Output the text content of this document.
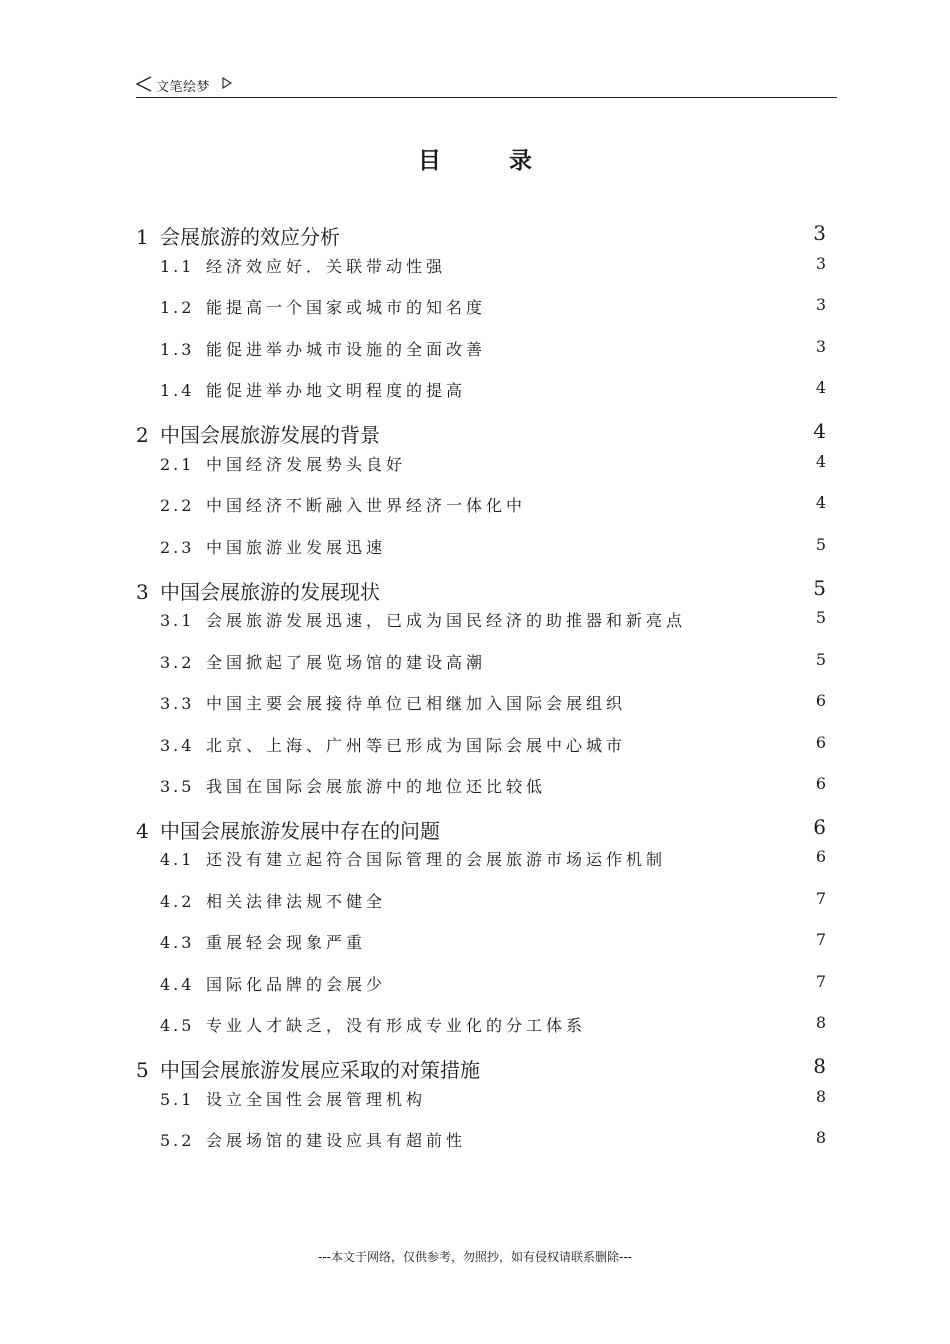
文笔绘梦
目	录
1 会展旅游的效应分析	3
1.1 经济效应好．关联带动性强	3
1.2 能提高一个国家或城市的知名度	3
1.3 能促进举办城市设施的全面改善	3
1.4 能促进举办地文明程度的提高	4
2 中国会展旅游发展的背景	4
2.1 中国经济发展势头良好	4
2.2 中国经济不断融入世界经济一体化中	4
2.3 中国旅游业发展迅速	5
3 中国会展旅游的发展现状	5
3.1 会展旅游发展迅速，已成为国民经济的助推器和新亮点	5
3.2 全国掀起了展览场馆的建设高潮	5
3.3 中国主要会展接待单位已相继加入国际会展组织	6
3.4 北京、上海、广州等已形成为国际会展中心城市	6
3.5 我国在国际会展旅游中的地位还比较低	6
4 中国会展旅游发展中存在的问题	6
4.1 还没有建立起符合国际管理的会展旅游市场运作机制	6
4.2 相关法律法规不健全	7
4.3 重展轻会现象严重	7
4.4 国际化品牌的会展少	7
4.5 专业人才缺乏，没有形成专业化的分工体系	8
5 中国会展旅游发展应采取的对策措施	8
5.1 设立全国性会展管理机构	8
5.2 会展场馆的建设应具有超前性	8
---本文于网络，仅供参考，勿照抄，如有侵权请联系删除---
